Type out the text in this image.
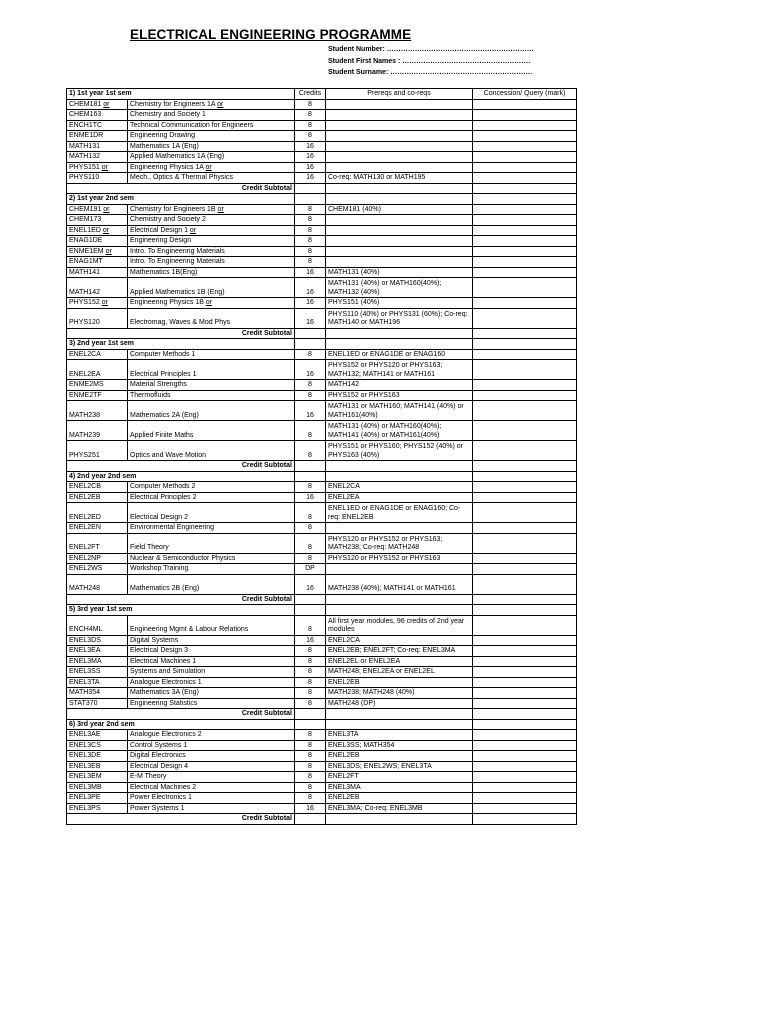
ELECTRICAL ENGINEERING PROGRAMME
Student Number: ………………………………………………………
Student First Names : ……………………………………………….
Student Surname: …………………………………………………….
1) 1st year 1st sem		Credits	Prereqs and co-reqs	Concession/ Query (mark)
CHEM181 or	Chemistry for Engineers 1A or	8		
CHEM163	Chemistry and Society 1	8		
ENCH1TC	Technical Communication for Engineers	8		
ENME1DR	Engineering Drawing	8		
MATH131	Mathematics 1A (Eng)	16		
MATH132	Applied Mathematics 1A (Eng)	16		
PHYS151 or	Engineering Physics 1A or	16		
PHYS110	Mech., Optics & Thermal Physics	16	Co-req: MATH130 or MATH195	
Credit Subtotal				
2) 1st year 2nd sem				
CHEM191 or	Chemistry for Engineers 1B or	8	CHEM181 (40%)	
CHEM173	Chemistry and Society 2	8		
ENEL1ED or	Electrical Design 1 or	8		
ENAG1DE	Engineering Design	8		
ENME1EM or	Intro. To Engineering Materials	8		
ENAG1MT	Intro. To Engineering Materials	8		
MATH141	Mathematics 1B(Eng)	16	MATH131 (40%)	
MATH142	Applied Mathematics 1B (Eng)	16	MATH131 (40%) or MATH160(40%); MATH132 (40%)	
PHYS152 or	Engineering Physics 1B or	16	PHYS151 (40%)	
PHYS120	Electromag, Waves & Mod Phys	16	PHYS110 (40%) or PHYS131 (60%); Co-req: MATH140 or MATH196	
Credit Subtotal				
3) 2nd year 1st sem				
ENEL2CA	Computer Methods 1	8	ENEL1ED or ENAG1DE or ENAG160	
ENEL2EA	Electrical Principles 1	16	PHYS152 or PHYS120 or PHYS163; MATH132; MATH141 or MATH161	
ENME2MS	Material Strengths	8	MATH142	
ENME2TF	Thermofluids	8	PHYS152 or PHYS163	
MATH238	Mathematics 2A (Eng)	16	MATH131 or MATH160; MATH141 (40%) or MATH161(40%)	
MATH239	Applied Finite Maths	8	MATH131 (40%) or MATH160(40%); MATH141 (40%) or MATH161(40%)	
PHYS251	Optics and Wave Motion	8	PHYS151 or PHYS160; PHYS152 (40%) or PHYS163 (40%)	
Credit Subtotal				
4) 2nd year 2nd sem				
ENEL2CB	Computer Methods 2	8	ENEL2CA	
ENEL2EB	Electrical Principles 2	16	ENEL2EA	
ENEL2ED	Electrical Design 2	8	ENEL1ED or ENAG1DE or ENAG160; Co-req: ENEL2EB	
ENEL2EN	Environmental Engineering	8		
ENEL2FT	Field Theory	8	PHYS120 or PHYS152 or PHYS163; MATH238; Co-req: MATH248	
ENEL2NP	Nuclear & Semiconductor Physics	8	PHYS120 or PHYS152 or PHYS163	
ENEL2WS	Workshop Training	DP		
MATH248	Mathematics 2B (Eng)	16	MATH238 (40%); MATH141 or MATH161	
Credit Subtotal				
5) 3rd year 1st sem				
ENCH4ML	Engineering Mgmt & Labour Relations	8	All first year modules, 96 credits of 2nd year modules	
ENEL3DS	Digital Systems	16	ENEL2CA	
ENEL3EA	Electrical Design 3	8	ENEL2EB; ENEL2FT; Co-req: ENEL3MA	
ENEL3MA	Electrical Machines 1	8	ENEL2EL or ENEL2EA	
ENEL3SS	Systems and Simulation	8	MATH248; ENEL2EA or ENEL2EL	
ENEL3TA	Analogue Electronics 1	8	ENEL2EB	
MATH354	Mathematics 3A (Eng)	8	MATH238; MATH248 (40%)	
STAT370	Engineering Statistics	8	MATH248 (DP)	
Credit Subtotal				
6) 3rd year 2nd sem				
ENEL3AE	Analogue Electronics 2	8	ENEL3TA	
ENEL3CS	Control Systems 1	8	ENEL3SS; MATH354	
ENEL3DE	Digital Electronics	8	ENEL2EB	
ENEL3EB	Electrical Design 4	8	ENEL3DS; ENEL2WS; ENEL3TA	
ENEL3EM	E-M Theory	8	ENEL2FT	
ENEL3MB	Electrical Machines 2	8	ENEL3MA	
ENEL3PE	Power Electronics 1	8	ENEL2EB	
ENEL3PS	Power Systems 1	16	ENEL3MA; Co-req: ENEL3MB	
Credit Subtotal				
